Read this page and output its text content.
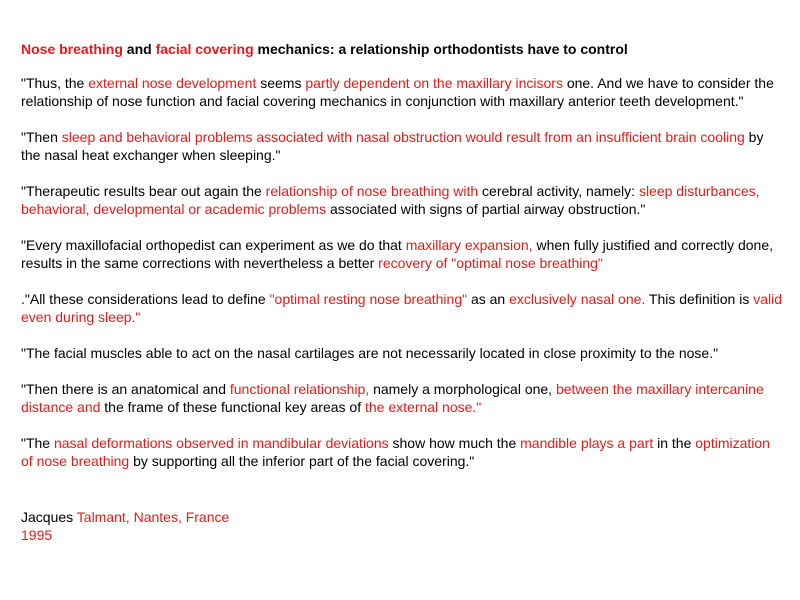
Nose breathing and facial covering mechanics: a relationship orthodontists have to control
"Thus, the external nose development seems partly dependent on the maxillary incisors one. And we have to consider the relationship of nose function and facial covering mechanics in conjunction with maxillary anterior teeth development."
"Then sleep and behavioral problems associated with nasal obstruction would result from an insufficient brain cooling by the nasal heat exchanger when sleeping."
"Therapeutic results bear out again the relationship of nose breathing with cerebral activity, namely: sleep disturbances, behavioral, developmental or academic problems associated with signs of partial airway obstruction."
"Every maxillofacial orthopedist can experiment as we do that maxillary expansion, when fully justified and correctly done, results in the same corrections with nevertheless a better recovery of "optimal nose breathing"
."All these considerations lead to define "optimal resting nose breathing" as an exclusively nasal one. This definition is valid even during sleep."
"The facial muscles able to act on the nasal cartilages are not necessarily located in close proximity to the nose."
"Then there is an anatomical and functional relationship, namely a morphological one, between the maxillary intercanine distance and the frame of these functional key areas of the external nose."
"The nasal deformations observed in mandibular deviations show how much the mandible plays a part in the optimization of nose breathing by supporting all the inferior part of the facial covering."
Jacques Talmant, Nantes, France
1995
